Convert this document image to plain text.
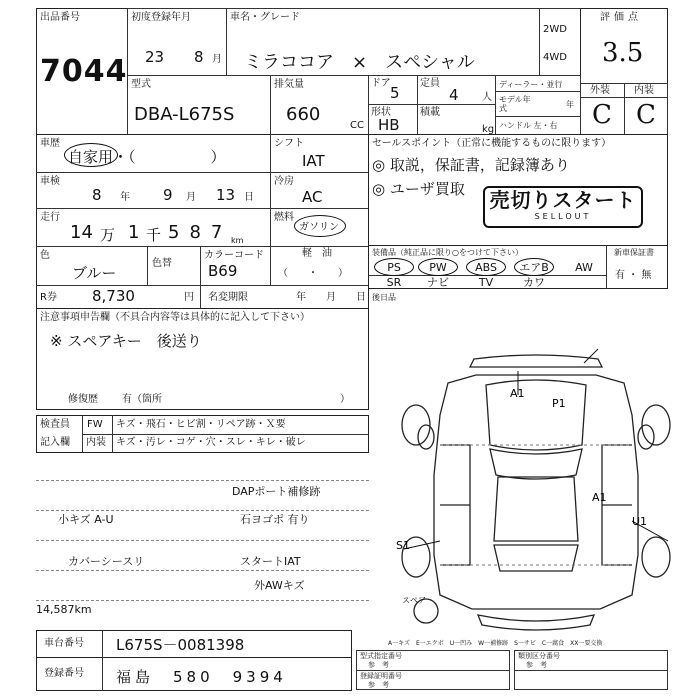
出品番号
7044
初度登録年月
23 8 月
車名・グレード
ミラココア　×　スペシャル
2WD
4WD
評価点
3.5
型式
DBA-L675S
排気量
660
CC
ドア
5
定員
4 人
形状
HB
積載
kg
ディーラー・並行
モデル年式	年
ハンドル 左・右
外装 内装
C C
車歴
自家用・（　　　　　）
シフト
IAT
車検
8 年 9 月 13 日
冷房
AC
走行
14 万 1 千 587
km
燃料
ガソリン
軽　油
色
ブルー
色替
カラーコード
B69	（　　・　　）
R券 8,730	円 名変期限	年　　月　　日
セールスポイント（正常に機能するものに限ります）
◎ 取説，保証書，記録簿あり
◎ ユーザ買取 売切りスタート
SELLOUT
装備品（純正品に限り○をつけて下さい）	新車保証書
有 ・ 無
PS	PW	ABS	エアB	AW
SR	ナビ	TV	カワ
後日品
注意事項申告欄（不具合内容等は具体的に記入して下さい）
※ スペアキー　後送り
修復歴 有（箇所	）
検査員
記入欄
FW キズ・飛石・ヒビ割・リペア跡・Ｘ要
内装 キズ・汚レ・コゲ・穴・スレ・キレ・破レ
DAPポート補修跡
小キズ A-U	石ヨゴポ 有り
カバーシースリ	スタートIAT
外AWキズ
14,587km
A1
P1
A1
U1
S1
スペア
A一キズ　E一エクボ　U一凹み　W一補修跡　S一サビ　C一腐食　XX一要交換
車台番号 L675S－0081398
登録番号 福島　580　9394
型式指定番号
参　考
登録証明番号
参　考
類別区分番号
参　考
